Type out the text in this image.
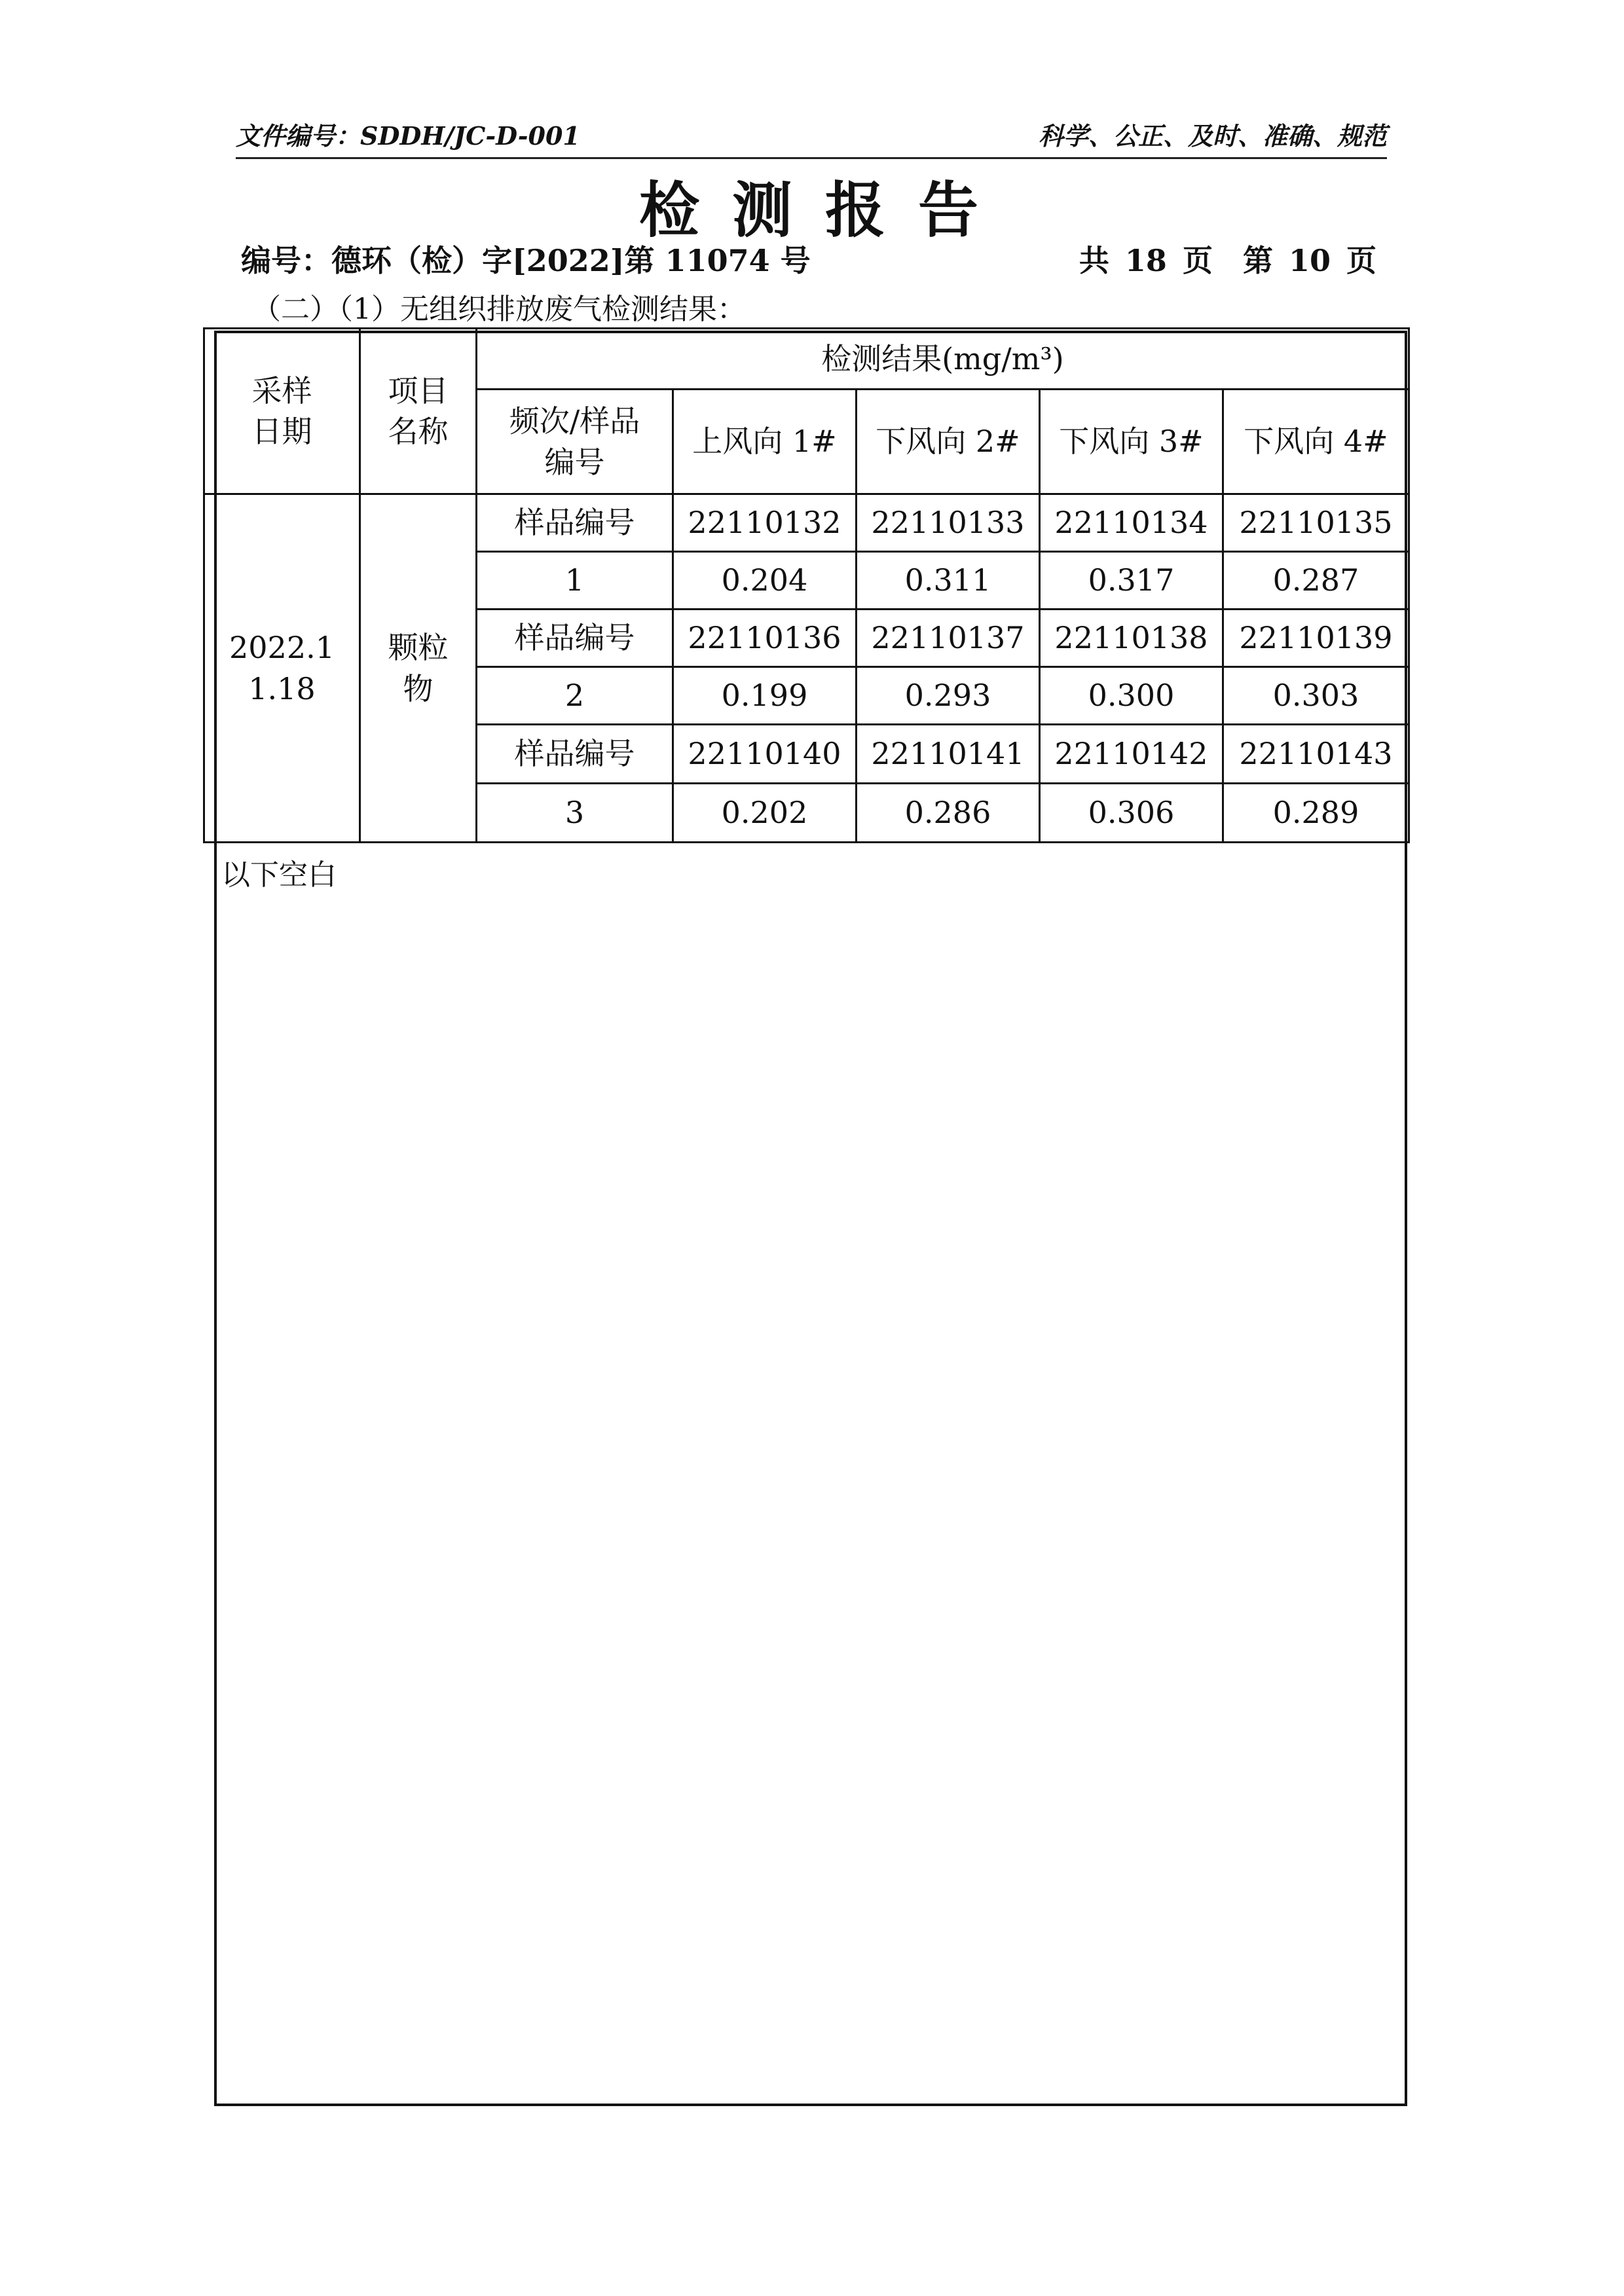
文件编号：SDDH/JC-D-001	科学、公正、及时、准确、规范
检测报告
编号：德环（检）字[2022]第 11074 号	共 18 页　第 10 页
（二）（1）无组织排放废气检测结果：
采样日期	项目名称	检测结果(mg/m³)				
		频次/样品编号	上风向 1#	下风向 2#	下风向 3#	下风向 4#
2022.11.18	颗粒物	样品编号	22110132	22110133	22110134	22110135
		1	0.204	0.311	0.317	0.287
		样品编号	22110136	22110137	22110138	22110139
		2	0.199	0.293	0.300	0.303
		样品编号	22110140	22110141	22110142	22110143
		3	0.202	0.286	0.306	0.289
以下空白
